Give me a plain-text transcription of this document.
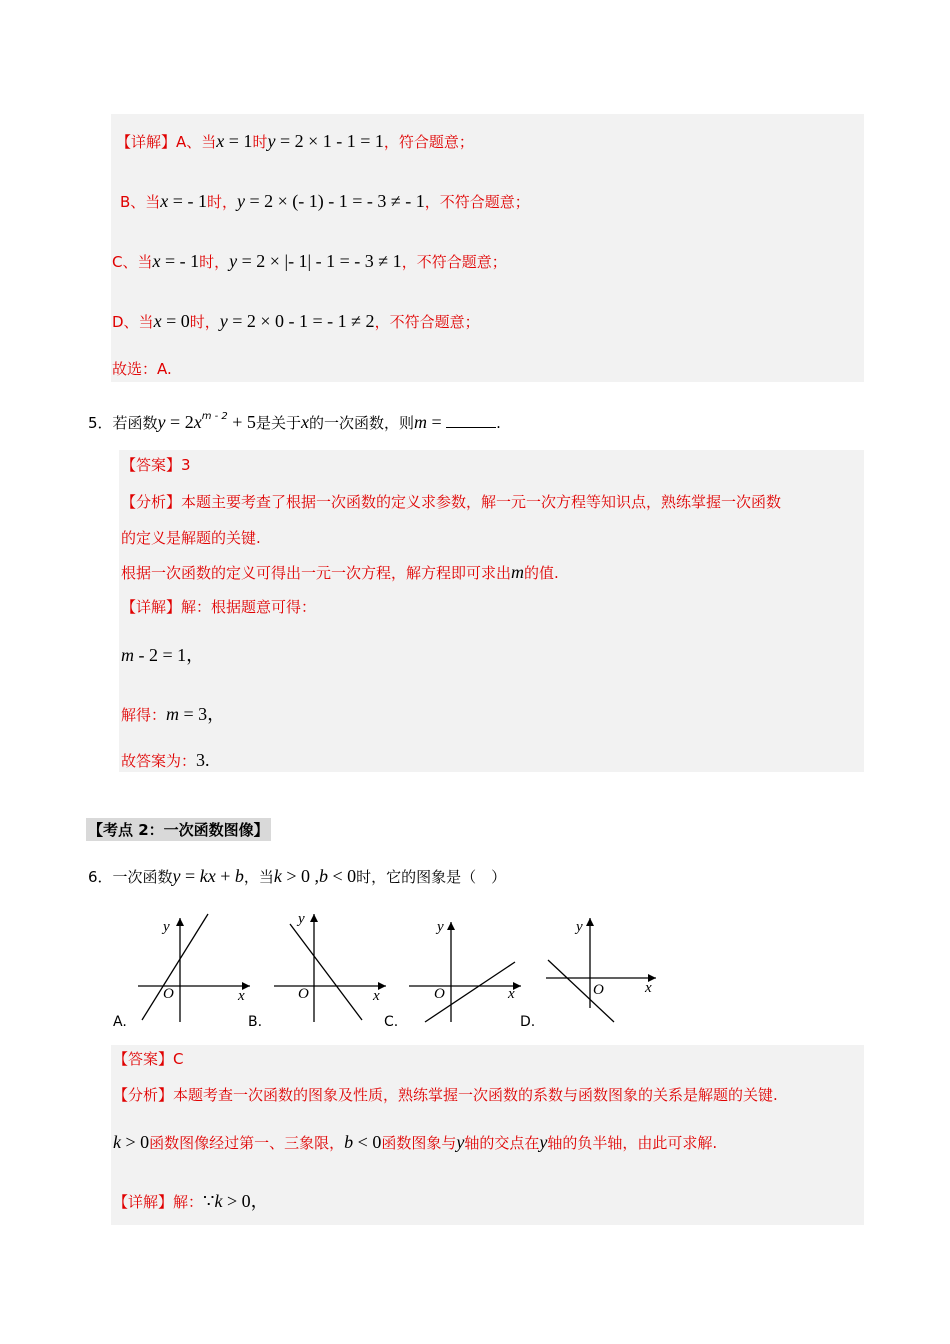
【详解】A、当x = 1时y = 2 × 1 - 1 = 1，符合题意；
B、当x = - 1时，y = 2 × (- 1) - 1 = - 3 ≠ - 1，不符合题意；
C、当x = - 1时，y = 2 × |- 1| - 1 = - 3 ≠ 1，不符合题意；
D、当x = 0时，y = 2 × 0 - 1 = - 1 ≠ 2，不符合题意；
故选：A.
5．若函数$y = 2x^{m - 2} + 5$是关于x的一次函数，则m =	.
【答案】3
【分析】本题主要考查了根据一次函数的定义求参数，解一元一次方程等知识点，熟练掌握一次函数
的定义是解题的关键.
根据一次函数的定义可得出一元一次方程，解方程即可求出m的值.
【详解】解：根据题意可得：
m - 2 = 1，
解得：m = 3，
故答案为：3.
【考点 2：一次函数图像】
6．一次函数y = kx + b，当k > 0 ,b < 0时，它的图象是（　）
y
O	x
A.
y
O	x
B.
y
O	x
C.
y
O	x
D.
【答案】C
【分析】本题考查一次函数的图象及性质，熟练掌握一次函数的系数与函数图象的关系是解题的关键.
k > 0函数图像经过第一、三象限，b < 0函数图象与y轴的交点在y轴的负半轴，由此可求解.
【详解】解：∵k > 0，
